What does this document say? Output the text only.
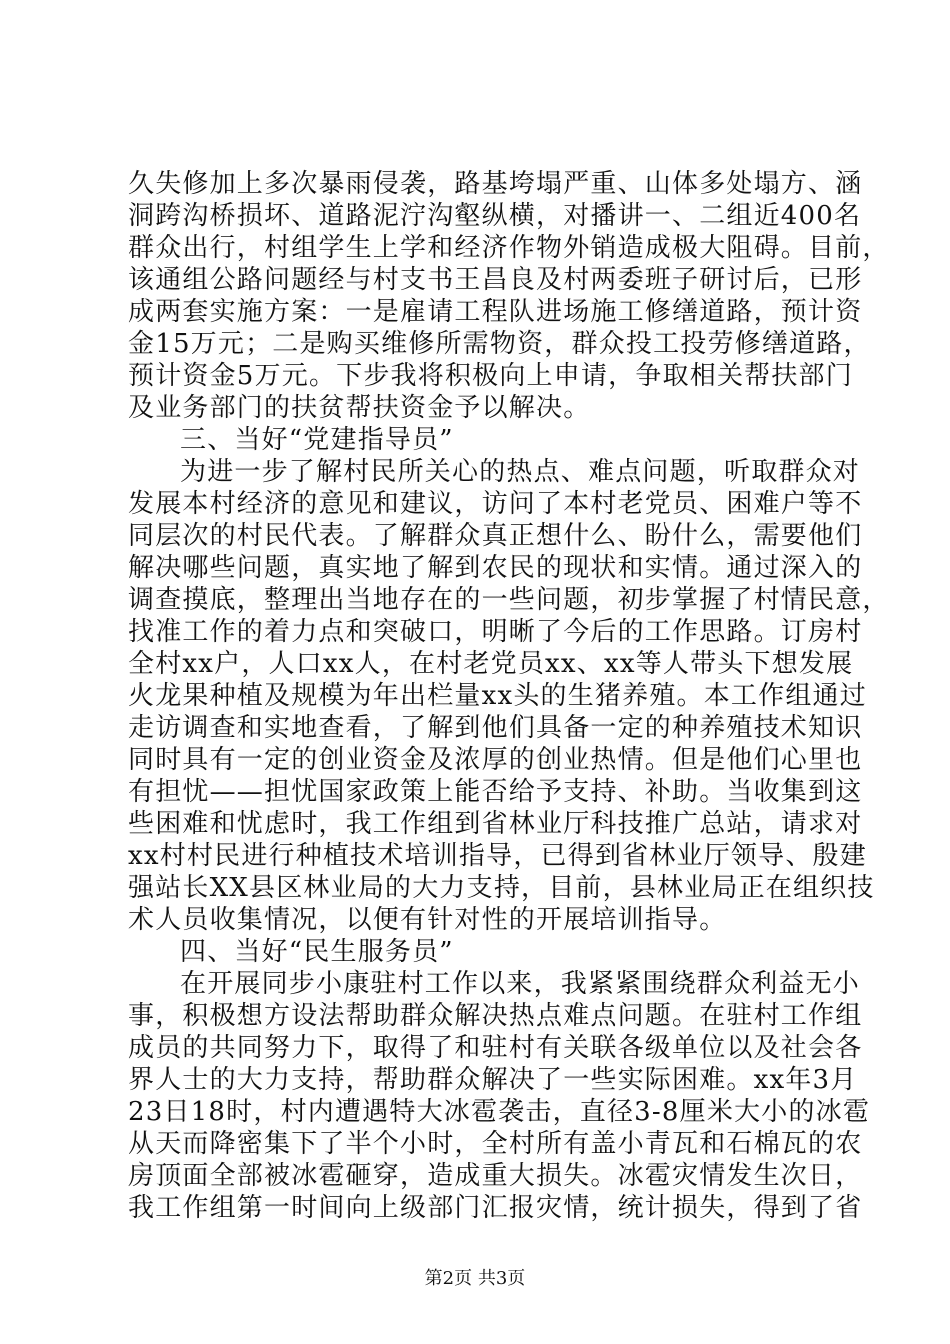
久失修加上多次暴雨侵袭，路基垮塌严重、山体多处塌方、涵
洞跨沟桥损坏、道路泥泞沟壑纵横，对播讲一、二组近400名
群众出行，村组学生上学和经济作物外销造成极大阻碍。目前，
该通组公路问题经与村支书王昌良及村两委班子研讨后，已形
成两套实施方案：一是雇请工程队进场施工修缮道路，预计资
金15万元；二是购买维修所需物资，群众投工投劳修缮道路，
预计资金5万元。下步我将积极向上申请，争取相关帮扶部门
及业务部门的扶贫帮扶资金予以解决。
三、当好“党建指导员”
为进一步了解村民所关心的热点、难点问题，听取群众对
发展本村经济的意见和建议，访问了本村老党员、困难户等不
同层次的村民代表。了解群众真正想什么、盼什么，需要他们
解决哪些问题，真实地了解到农民的现状和实情。通过深入的
调查摸底，整理出当地存在的一些问题，初步掌握了村情民意，
找准工作的着力点和突破口，明晰了今后的工作思路。订房村
全村xx户，人口xx人，在村老党员xx、xx等人带头下想发展
火龙果种植及规模为年出栏量xx头的生猪养殖。本工作组通过
走访调查和实地查看，了解到他们具备一定的种养殖技术知识
同时具有一定的创业资金及浓厚的创业热情。但是他们心里也
有担忧——担忧国家政策上能否给予支持、补助。当收集到这
些困难和忧虑时，我工作组到省林业厅科技推广总站，请求对
xx村村民进行种植技术培训指导，已得到省林业厅领导、殷建
强站长XX县区林业局的大力支持，目前，县林业局正在组织技
术人员收集情况，以便有针对性的开展培训指导。
四、当好“民生服务员”
在开展同步小康驻村工作以来，我紧紧围绕群众利益无小
事，积极想方设法帮助群众解决热点难点问题。在驻村工作组
成员的共同努力下，取得了和驻村有关联各级单位以及社会各
界人士的大力支持，帮助群众解决了一些实际困难。xx年3月
23日18时，村内遭遇特大冰雹袭击，直径3-8厘米大小的冰雹
从天而降密集下了半个小时，全村所有盖小青瓦和石棉瓦的农
房顶面全部被冰雹砸穿，造成重大损失。冰雹灾情发生次日，
我工作组第一时间向上级部门汇报灾情，统计损失，得到了省
第2页 共3页
